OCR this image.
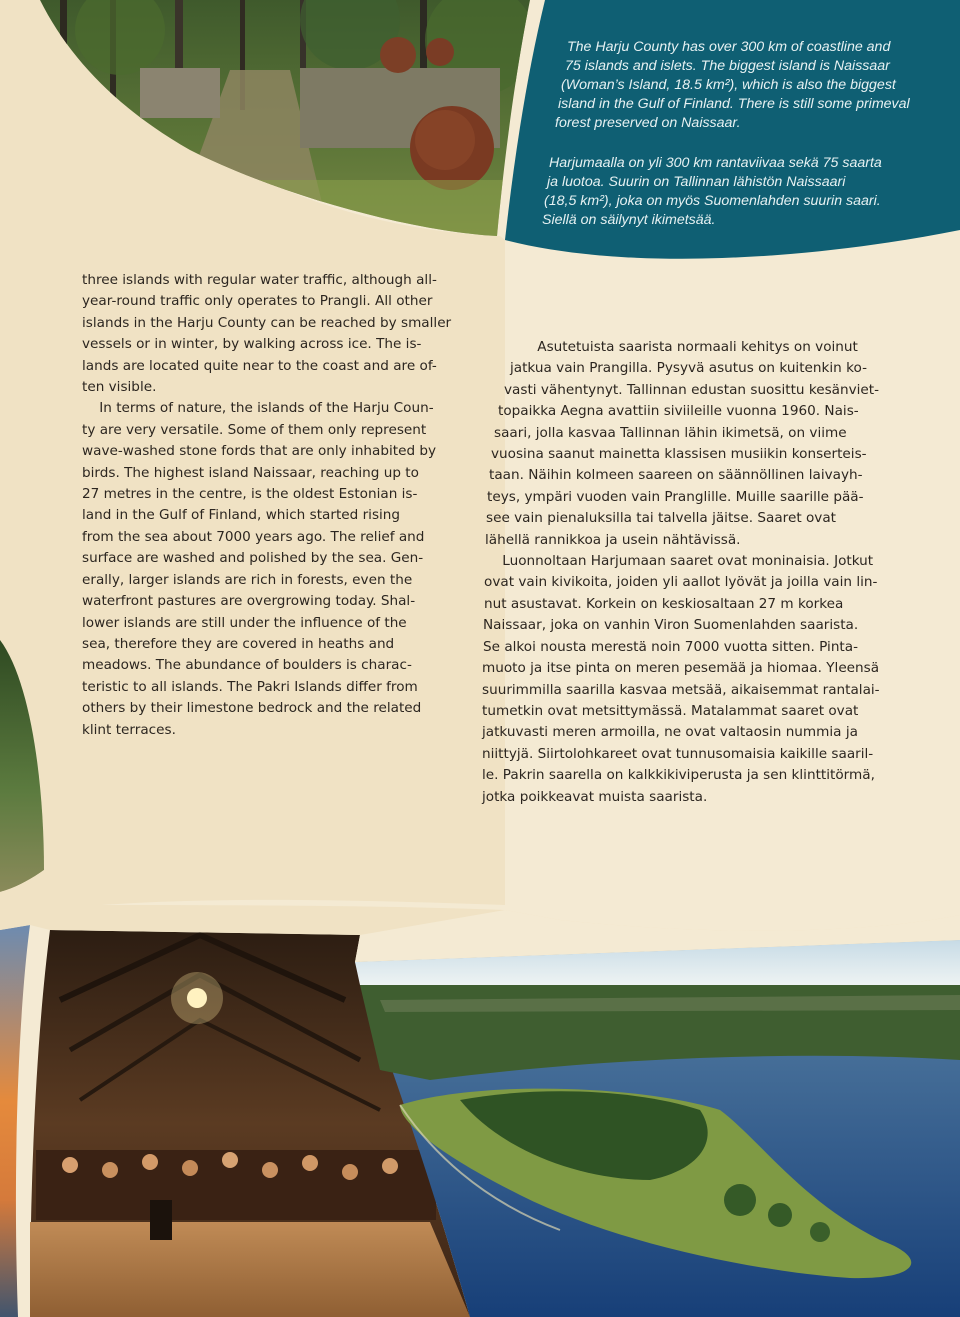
The Harju County has over 300 km of coastline and
75 islands and islets. The biggest island is Naissaar
(Woman’s Island, 18.5 km²), which is also the biggest
island in the Gulf of Finland. There is still some primeval
forest preserved on Naissaar.
Harjumaalla on yli 300 km rantaviivaa sekä 75 saarta
ja luotoa. Suurin on Tallinnan lähistön Naissaari
(18,5 km²), joka on myös Suomenlahden suurin saari.
Siellä on säilynyt ikimetsää.
three islands with regular water traffic, although all-
year-round traffic only operates to Prangli. All other
islands in the Harju County can be reached by smaller
vessels or in winter, by walking across ice. The is-
lands are located quite near to the coast and are of-
ten visible.
In terms of nature, the islands of the Harju Coun-
ty are very versatile. Some of them only represent
wave-washed stone fords that are only inhabited by
birds. The highest island Naissaar, reaching up to
27 metres in the centre, is the oldest Estonian is-
land in the Gulf of Finland, which started rising
from the sea about 7000 years ago. The relief and
surface are washed and polished by the sea. Gen-
erally, larger islands are rich in forests, even the
waterfront pastures are overgrowing today. Shal-
lower islands are still under the influence of the
sea, therefore they are covered in heaths and
meadows. The abundance of boulders is charac-
teristic to all islands. The Pakri Islands differ from
others by their limestone bedrock and the related
klint terraces.
Asutetuista saarista normaali kehitys on voinut
jatkua vain Prangilla. Pysyvä asutus on kuitenkin ko-
vasti vähentynyt. Tallinnan edustan suosittu kesänviet-
topaikka Aegna avattiin siviileille vuonna 1960. Nais-
saari, jolla kasvaa Tallinnan lähin ikimetsä, on viime
vuosina saanut mainetta klassisen musiikin konserteis-
taan. Näihin kolmeen saareen on säännöllinen laivayh-
teys, ympäri vuoden vain Pranglille. Muille saarille pää-
see vain pienaluksilla tai talvella jäitse. Saaret ovat
lähellä rannikkoa ja usein nähtävissä.
Luonnoltaan Harjumaan saaret ovat moninaisia. Jotkut
ovat vain kivikoita, joiden yli aallot lyövät ja joilla vain lin-
nut asustavat. Korkein on keskiosaltaan 27 m korkea
Naissaar, joka on vanhin Viron Suomenlahden saarista.
Se alkoi nousta merestä noin 7000 vuotta sitten. Pinta-
muoto ja itse pinta on meren pesemää ja hiomaa. Yleensä
suurimmilla saarilla kasvaa metsää, aikaisemmat rantalai-
tumetkin ovat metsittymässä. Matalammat saaret ovat
jatkuvasti meren armoilla, ne ovat valtaosin nummia ja
niittyjä. Siirtolohkareet ovat tunnusomaisia kaikille saaril-
le. Pakrin saarella on kalkkikiviperusta ja sen klinttitörmä,
jotka poikkeavat muista saarista.
